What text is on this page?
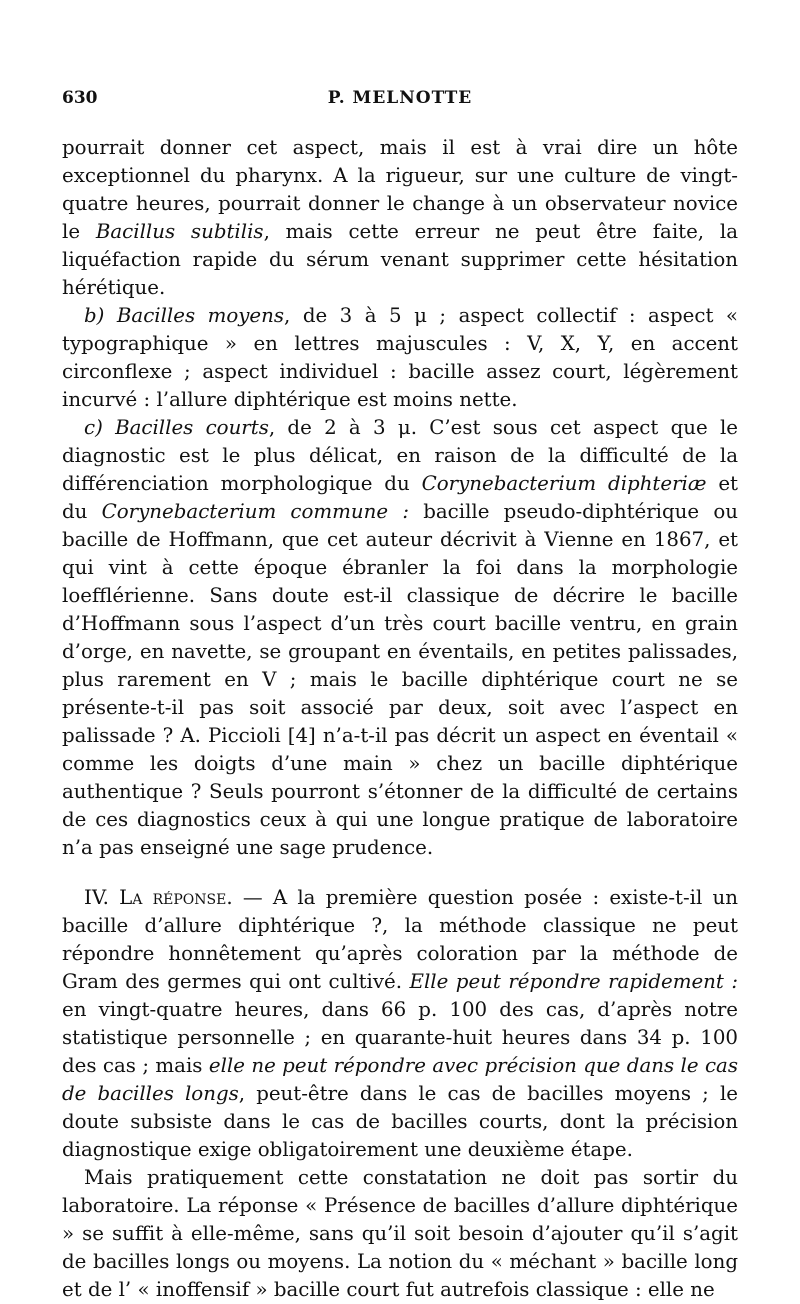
630	P. MELNOTTE

pourrait donner cet aspect, mais il est à vrai dire un hôte exceptionnel du pharynx. A la rigueur, sur une culture de vingt-quatre heures, pourrait donner le change à un observateur novice le Bacillus subtilis, mais cette erreur ne peut être faite, la liquéfaction rapide du sérum venant supprimer cette hésitation hérétique.

b) Bacilles moyens, de 3 à 5 μ ; aspect collectif : aspect « typographique » en lettres majuscules : V, X, Y, en accent circonflexe ; aspect individuel : bacille assez court, légèrement incurvé : l’allure diphtérique est moins nette.

c) Bacilles courts, de 2 à 3 μ. C’est sous cet aspect que le diagnostic est le plus délicat, en raison de la difficulté de la différenciation morphologique du Corynebacterium diphteriæ et du Corynebacterium commune : bacille pseudo-diphtérique ou bacille de Hoffmann, que cet auteur décrivit à Vienne en 1867, et qui vint à cette époque ébranler la foi dans la morphologie loefflérienne. Sans doute est-il classique de décrire le bacille d’Hoffmann sous l’aspect d’un très court bacille ventru, en grain d’orge, en navette, se groupant en éventails, en petites palissades, plus rarement en V ; mais le bacille diphtérique court ne se présente-t-il pas soit associé par deux, soit avec l’aspect en palissade ? A. Piccioli [4] n’a-t-il pas décrit un aspect en éventail « comme les doigts d’une main » chez un bacille diphtérique authentique ? Seuls pourront s’étonner de la difficulté de certains de ces diagnostics ceux à qui une longue pratique de laboratoire n’a pas enseigné une sage prudence.

IV. La réponse. — A la première question posée : existe-t-il un bacille d’allure diphtérique ?, la méthode classique ne peut répondre honnêtement qu’après coloration par la méthode de Gram des germes qui ont cultivé. Elle peut répondre rapidement : en vingt-quatre heures, dans 66 p. 100 des cas, d’après notre statistique personnelle ; en quarante-huit heures dans 34 p. 100 des cas ; mais elle ne peut répondre avec précision que dans le cas de bacilles longs, peut-être dans le cas de bacilles moyens ; le doute subsiste dans le cas de bacilles courts, dont la précision diagnostique exige obligatoirement une deuxième étape.

Mais pratiquement cette constatation ne doit pas sortir du laboratoire. La réponse « Présence de bacilles d’allure diphtérique » se suffit à elle-même, sans qu’il soit besoin d’ajouter qu’il s’agit de bacilles longs ou moyens. La notion du « méchant » bacille long et de l’ « inoffensif » bacille court fut autrefois classique : elle ne
